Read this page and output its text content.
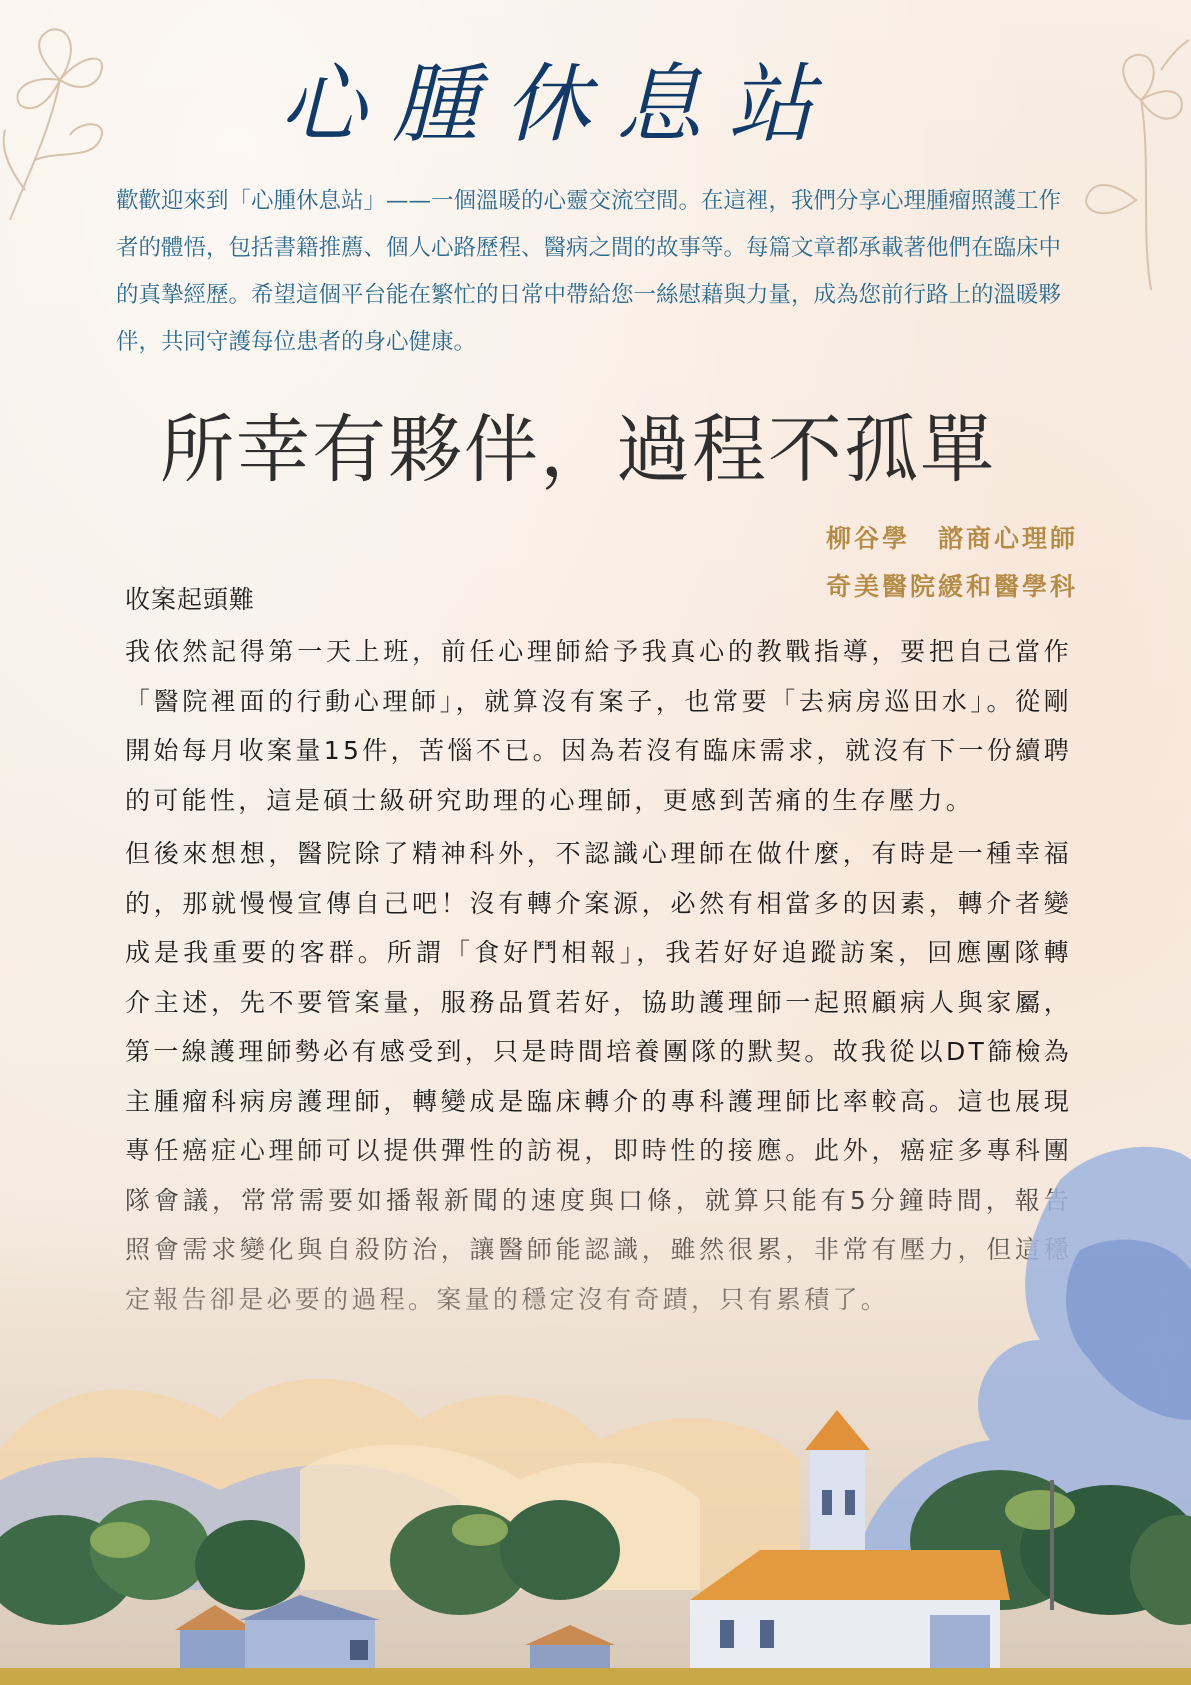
心腫休息站
歡歡迎來到「心腫休息站」——一個溫暖的心靈交流空間。在這裡，我們分享心理腫瘤照護工作者的體悟，包括書籍推薦、個人心路歷程、醫病之間的故事等。每篇文章都承載著他們在臨床中的真摯經歷。希望這個平台能在繁忙的日常中帶給您一絲慰藉與力量，成為您前行路上的溫暖夥伴，共同守護每位患者的身心健康。
所幸有夥伴，過程不孤單
柳谷學　諮商心理師
奇美醫院緩和醫學科
收案起頭難

我依然記得第一天上班，前任心理師給予我真心的教戰指導，要把自己當作「醫院裡面的行動心理師」，就算沒有案子，也常要「去病房巡田水」。從剛開始每月收案量15件，苦惱不已。因為若沒有臨床需求，就沒有下一份續聘的可能性，這是碩士級研究助理的心理師，更感到苦痛的生存壓力。

但後來想想，醫院除了精神科外，不認識心理師在做什麼，有時是一種幸福的，那就慢慢宣傳自己吧！沒有轉介案源，必然有相當多的因素，轉介者變成是我重要的客群。所謂「食好鬥相報」，我若好好追蹤訪案，回應團隊轉介主述，先不要管案量，服務品質若好，協助護理師一起照顧病人與家屬，第一線護理師勢必有感受到，只是時間培養團隊的默契。故我從以DT篩檢為主腫瘤科病房護理師，轉變成是臨床轉介的專科護理師比率較高。這也展現
